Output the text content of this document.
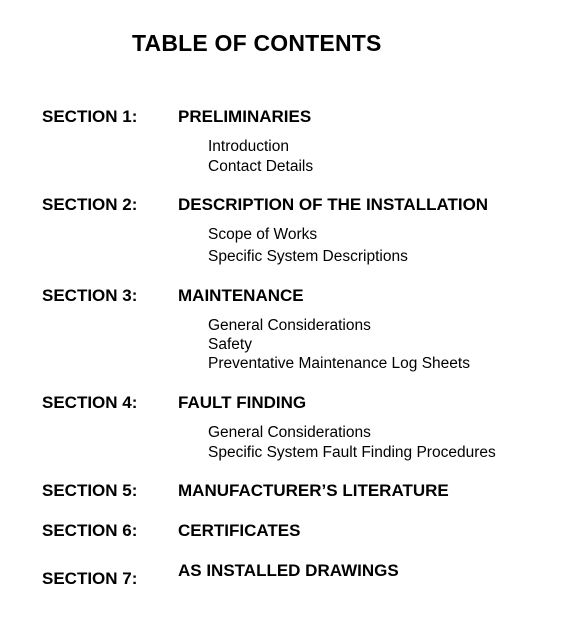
TABLE OF CONTENTS
SECTION 1: PRELIMINARIES
Introduction
Contact Details
SECTION 2: DESCRIPTION OF THE INSTALLATION
Scope of Works
Specific System Descriptions
SECTION 3: MAINTENANCE
General Considerations
Safety
Preventative Maintenance Log Sheets
SECTION 4: FAULT FINDING
General Considerations
Specific System Fault Finding Procedures
SECTION 5: MANUFACTURER’S LITERATURE
SECTION 6: CERTIFICATES
SECTION 7: AS INSTALLED DRAWINGS
